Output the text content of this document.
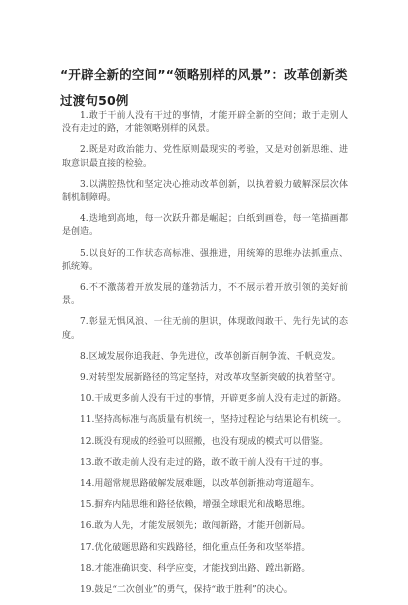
“开辟全新的空间”“领略别样的风景”：改革创新类过渡句50例
1.敢于干前人没有干过的事情，才能开辟全新的空间；敢于走别人没有走过的路，才能领略别样的风景。
2.既是对政治能力、党性原则最现实的考验，又是对创新思维、进取意识最直接的检验。
3.以满腔热忱和坚定决心推动改革创新，以执着毅力破解深层次体制机制障碍。
4.迭地到高地，每一次跃升都是崛起；白纸到画卷，每一笔描画都是创造。
5.以良好的工作状态高标准、强推进，用统筹的思维办法抓重点、抓统筹。
6.不不激荡着开放发展的蓬勃活力，不不展示着开放引领的美好前景。
7.彰显无惧风浪、一往无前的胆识，体现敢闯敢干、先行先试的态度。
8.区域发展你追我赶、争先进位，改革创新百舸争流、千帆竞发。
9.对转型发展新路径的笃定坚持，对改革攻坚新突破的执着坚守。
10.干成更多前人没有干过的事情，开辟更多前人没有走过的新路。
11.坚持高标准与高质量有机统一，坚持过程论与结果论有机统一。
12.既没有现成的经验可以照搬，也没有现成的模式可以借鉴。
13.敢不敢走前人没有走过的路，敢不敢干前人没有干过的事。
14.用超常规思路破解发展难题，以改革创新推动弯道超车。
15.摒弃内陆思维和路径依赖，增强全球眼光和战略思维。
16.敢为人先，才能发展领先；敢闯新路，才能开创新局。
17.优化破题思路和实践路径，细化重点任务和攻坚举措。
18.才能准确识变、科学应变，才能找到出路、蹚出新路。
19.鼓足“二次创业”的勇气，保持“敢于胜利”的决心。
